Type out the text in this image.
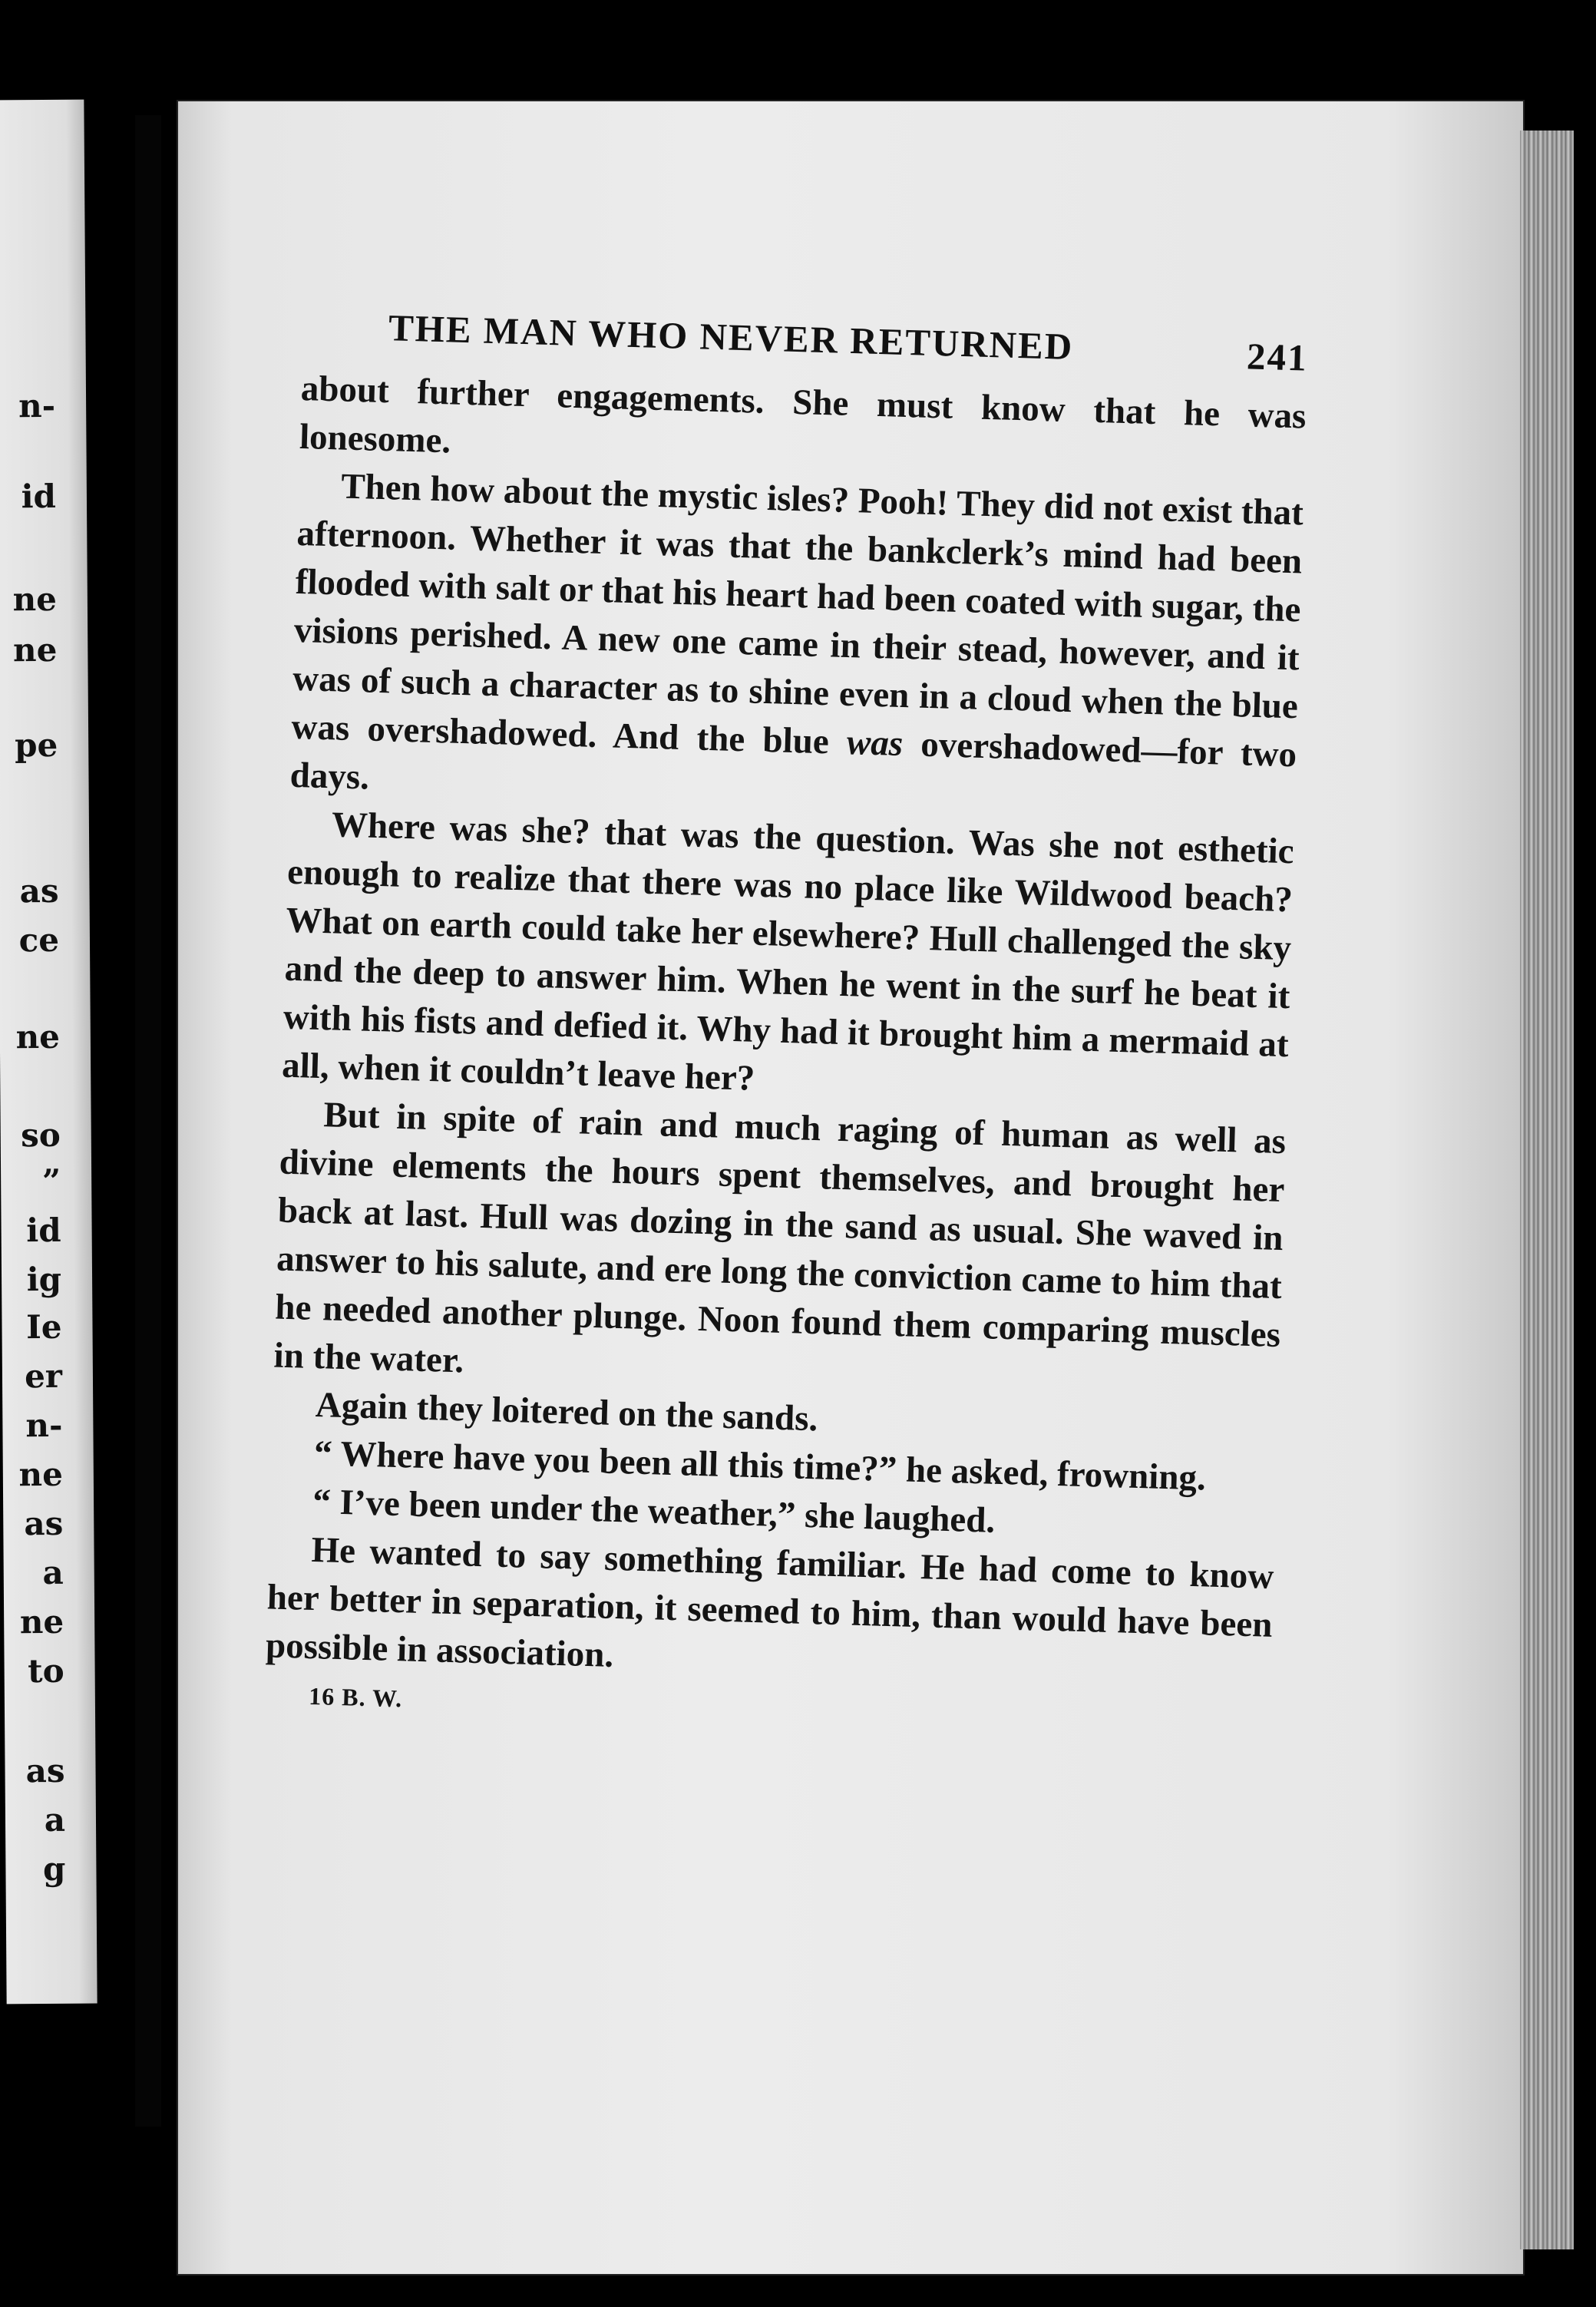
n-
id
ne
ne
pe
as
ce
ne
so
”
id
ig
Ie
er
n-
ne
as
a
ne
to
as
a
g
THE MAN WHO NEVER RETURNED	241

about further engagements. She must know that he was lonesome.

Then how about the mystic isles? Pooh! They did not exist that afternoon. Whether it was that the bankclerk’s mind had been flooded with salt or that his heart had been coated with sugar, the visions perished. A new one came in their stead, however, and it was of such a character as to shine even in a cloud when the blue was overshadowed. And the blue was overshadowed—for two days.

Where was she? that was the question. Was she not esthetic enough to realize that there was no place like Wildwood beach? What on earth could take her elsewhere? Hull challenged the sky and the deep to answer him. When he went in the surf he beat it with his fists and defied it. Why had it brought him a mermaid at all, when it couldn’t leave her?

But in spite of rain and much raging of human as well as divine elements the hours spent themselves, and brought her back at last. Hull was dozing in the sand as usual. She waved in answer to his salute, and ere long the conviction came to him that he needed another plunge. Noon found them comparing muscles in the water.

Again they loitered on the sands.

“ Where have you been all this time?” he asked, frowning.

“ I’ve been under the weather,” she laughed.

He wanted to say something familiar. He had come to know her better in separation, it seemed to him, than would have been possible in association.

16 B. W.
